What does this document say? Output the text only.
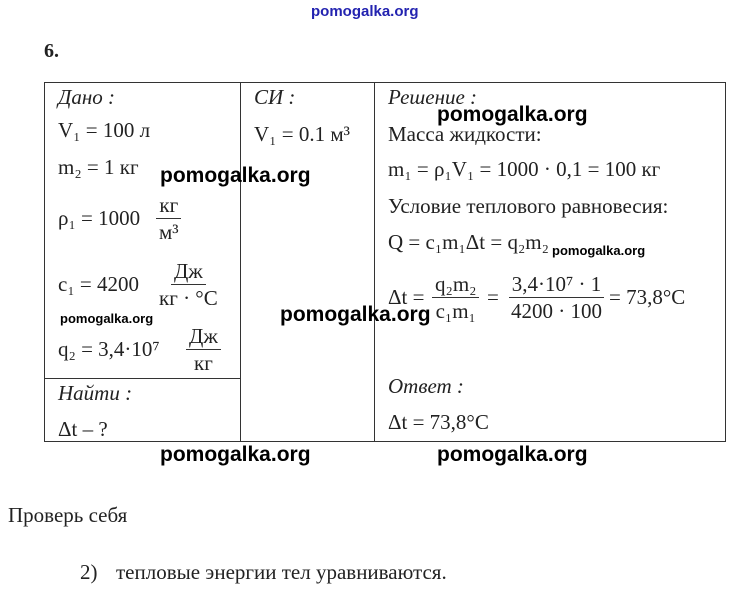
pomogalka.org
6.
Дано :
V₁ = 100 л
m₂ = 1 кг
ρ₁ = 1000
кг
м³
c₁ = 4200
Дж
кг · °C
q₂ = 3,4·10⁷
Дж
кг
Найти :
Δt – ?
СИ :
V₁ = 0.1 м³
Решение :
Масса жидкости:
m₁ = ρ₁V₁ = 1000 · 0,1 = 100 кг
Условие теплового равновесия:
Q = c₁m₁Δt = q₂m₂
$\Delta t = \frac{\text{q₂m₂}}{\text{c₁m₁}} = \frac{\text{3,4·10⁷ · 1}}{4200 \cdot 100} = 73,8^\circ C$
Ответ :
Δt = 73,8°C
pomogalka.org
pomogalka.org
pomogalka.org
pomogalka.org	pomogalka.org
pomogalka.org	pomogalka.org
Проверь себя
2) тепловые энергии тел уравниваются.
